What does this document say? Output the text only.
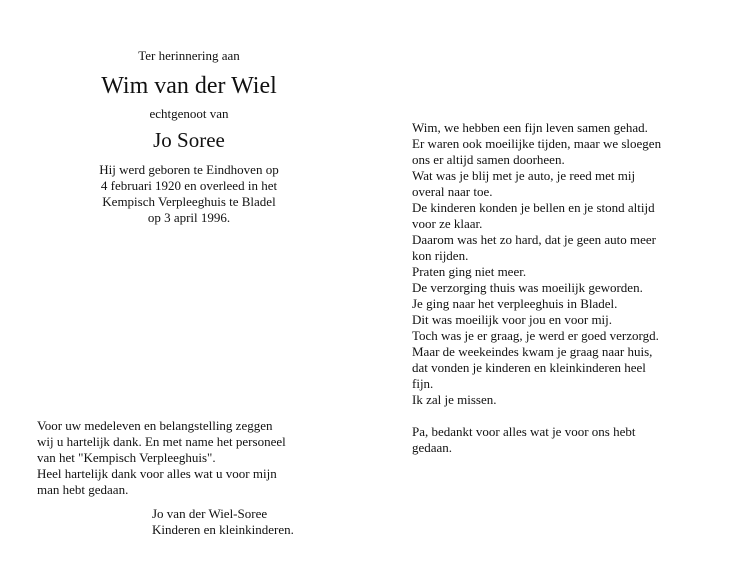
Ter herinnering aan
Wim van der Wiel
echtgenoot van
Jo Soree
Hij werd geboren te Eindhoven op
4 februari 1920 en overleed in het
Kempisch Verpleeghuis te Bladel
op 3 april 1996.
Voor uw medeleven en belangstelling zeggen
wij u hartelijk dank. En met name het personeel
van het "Kempisch Verpleeghuis".
Heel hartelijk dank voor alles wat u voor mijn
man hebt gedaan.
Jo van der Wiel-Soree
Kinderen en kleinkinderen.
Wim, we hebben een fijn leven samen gehad.
Er waren ook moeilijke tijden, maar we sloegen
ons er altijd samen doorheen.
Wat was je blij met je auto, je reed met mij
overal naar toe.
De kinderen konden je bellen en je stond altijd
voor ze klaar.
Daarom was het zo hard, dat je geen auto meer
kon rijden.
Praten ging niet meer.
De verzorging thuis was moeilijk geworden.
Je ging naar het verpleeghuis in Bladel.
Dit was moeilijk voor jou en voor mij.
Toch was je er graag, je werd er goed verzorgd.
Maar de weekeindes kwam je graag naar huis,
dat vonden je kinderen en kleinkinderen heel
fijn.
Ik zal je missen.
Pa, bedankt voor alles wat je voor ons hebt
gedaan.
